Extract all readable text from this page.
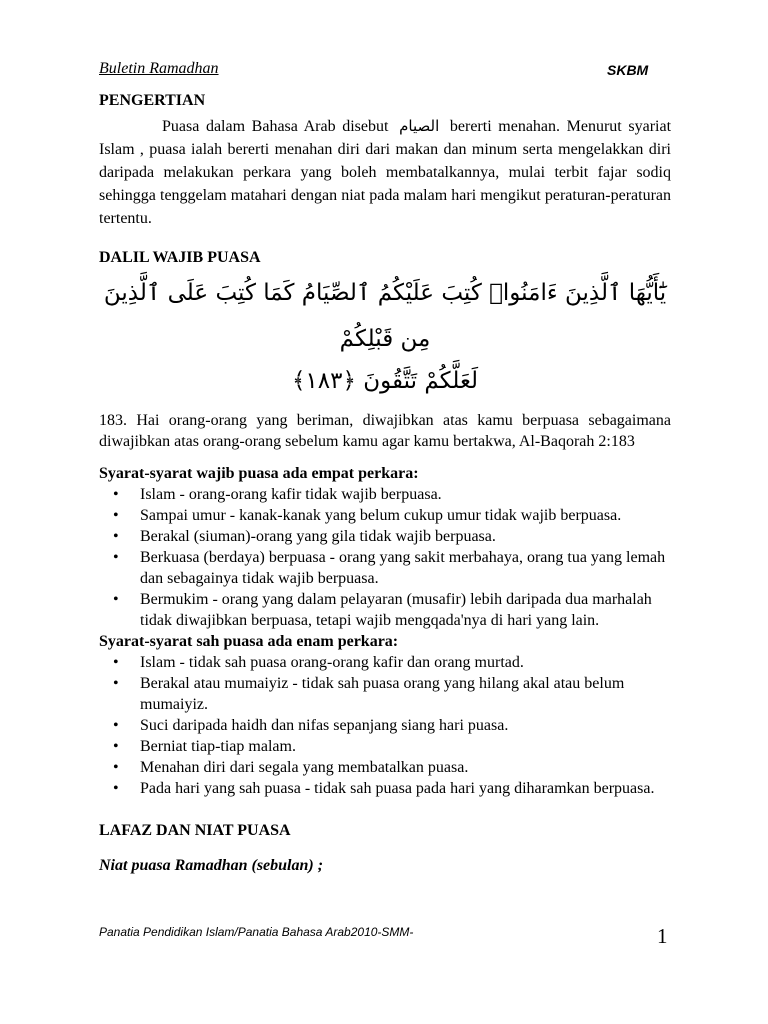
Buletin Ramadhan	SKBM

PENGERTIAN

Puasa dalam Bahasa Arab disebut الصيام bererti menahan. Menurut syariat Islam , puasa ialah bererti menahan diri dari makan dan minum serta mengelakkan diri daripada melakukan perkara yang boleh membatalkannya, mulai terbit fajar sodiq sehingga tenggelam matahari dengan niat pada malam hari mengikut peraturan-peraturan tertentu.

DALIL WAJIB PUASA

يَٰٓأَيُّهَا ٱلَّذِينَ ءَامَنُوا۟ كُتِبَ عَلَيْكُمُ ٱلصِّيَامُ كَمَا كُتِبَ عَلَى ٱلَّذِينَ مِن قَبْلِكُمْ

لَعَلَّكُمْ تَتَّقُونَ ﴿١٨٣﴾

183. Hai orang-orang yang beriman, diwajibkan atas kamu berpuasa sebagaimana diwajibkan atas orang-orang sebelum kamu agar kamu bertakwa, Al-Baqorah 2:183

Syarat-syarat wajib puasa ada empat perkara:

• Islam - orang-orang kafir tidak wajib berpuasa.
• Sampai umur - kanak-kanak yang belum cukup umur tidak wajib berpuasa.
• Berakal (siuman)-orang yang gila tidak wajib berpuasa.
• Berkuasa (berdaya) berpuasa - orang yang sakit merbahaya, orang tua yang lemah dan sebagainya tidak wajib berpuasa.
• Bermukim - orang yang dalam pelayaran (musafir) lebih daripada dua marhalah tidak diwajibkan berpuasa, tetapi wajib mengqada'nya di hari yang lain.

Syarat-syarat sah puasa ada enam perkara:

• Islam - tidak sah puasa orang-orang kafir dan orang murtad.
• Berakal atau mumaiyiz - tidak sah puasa orang yang hilang akal atau belum mumaiyiz.
• Suci daripada haidh dan nifas sepanjang siang hari puasa.
• Berniat tiap-tiap malam.
• Menahan diri dari segala yang membatalkan puasa.
• Pada hari yang sah puasa - tidak sah puasa pada hari yang diharamkan berpuasa.

LAFAZ DAN NIAT PUASA

Niat puasa Ramadhan (sebulan) ;

Panatia Pendidikan Islam/Panatia Bahasa Arab2010-SMM-	1
